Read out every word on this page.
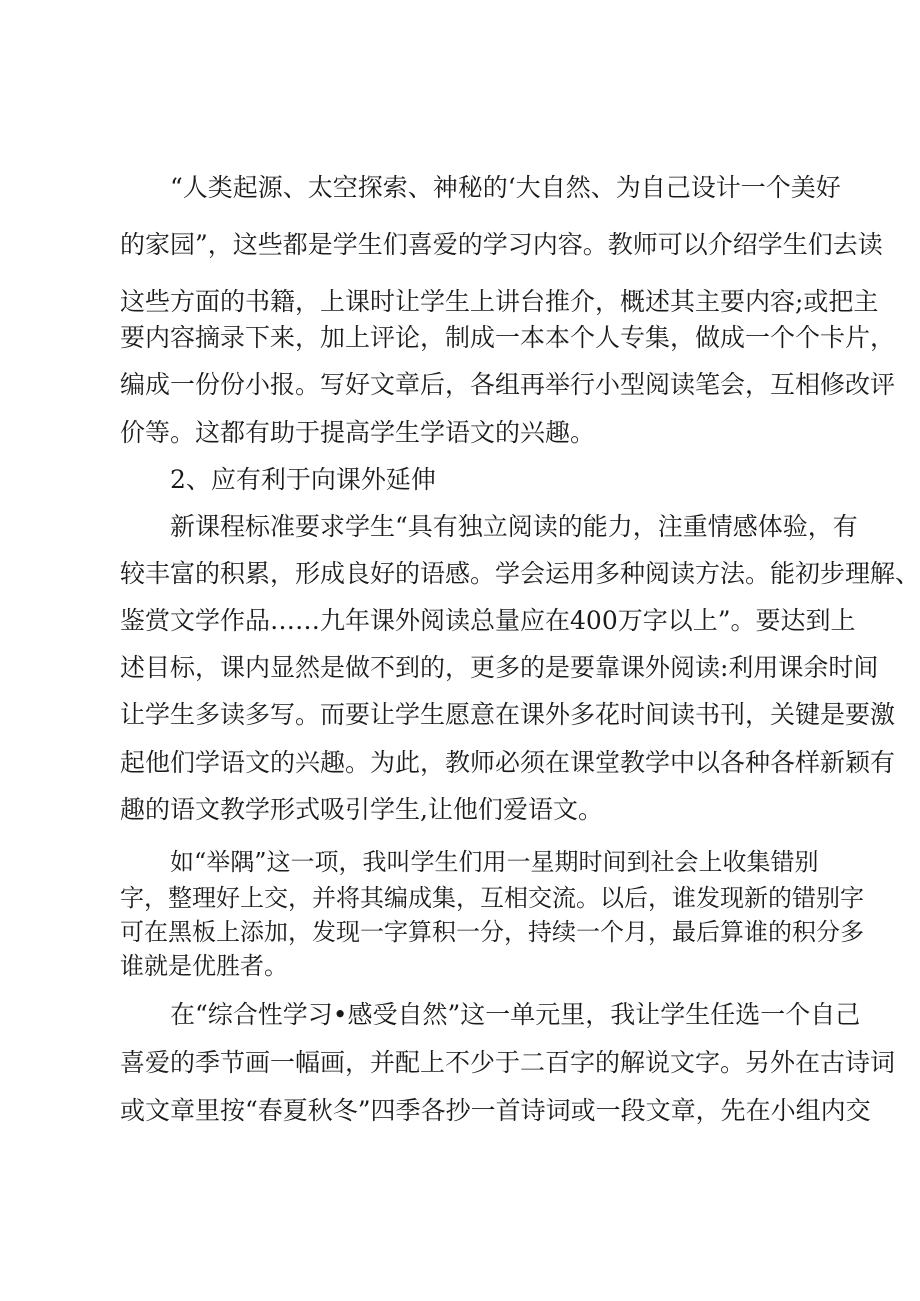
“人类起源、太空探索、神秘的‘大自然、为自己设计一个美好
的家园”，这些都是学生们喜爱的学习内容。教师可以介绍学生们去读
这些方面的书籍，上课时让学生上讲台推介，概述其主要内容;或把主
要内容摘录下来，加上评论，制成一本本个人专集，做成一个个卡片，
编成一份份小报。写好文章后，各组再举行小型阅读笔会，互相修改评
价等。这都有助于提高学生学语文的兴趣。
2、应有利于向课外延伸
新课程标准要求学生“具有独立阅读的能力，注重情感体验，有
较丰富的积累，形成良好的语感。学会运用多种阅读方法。能初步理解、
鉴赏文学作品……九年课外阅读总量应在400万字以上”。要达到上
述目标，课内显然是做不到的，更多的是要靠课外阅读:利用课余时间
让学生多读多写。而要让学生愿意在课外多花时间读书刊，关键是要激
起他们学语文的兴趣。为此，教师必须在课堂教学中以各种各样新颖有
趣的语文教学形式吸引学生,让他们爱语文。
如“举隅”这一项，我叫学生们用一星期时间到社会上收集错别
字，整理好上交，并将其编成集，互相交流。以后，谁发现新的错别字
可在黑板上添加，发现一字算积一分，持续一个月，最后算谁的积分多
谁就是优胜者。
在“综合性学习•感受自然”这一单元里，我让学生任选一个自己
喜爱的季节画一幅画，并配上不少于二百字的解说文字。另外在古诗词
或文章里按“春夏秋冬”四季各抄一首诗词或一段文章，先在小组内交
